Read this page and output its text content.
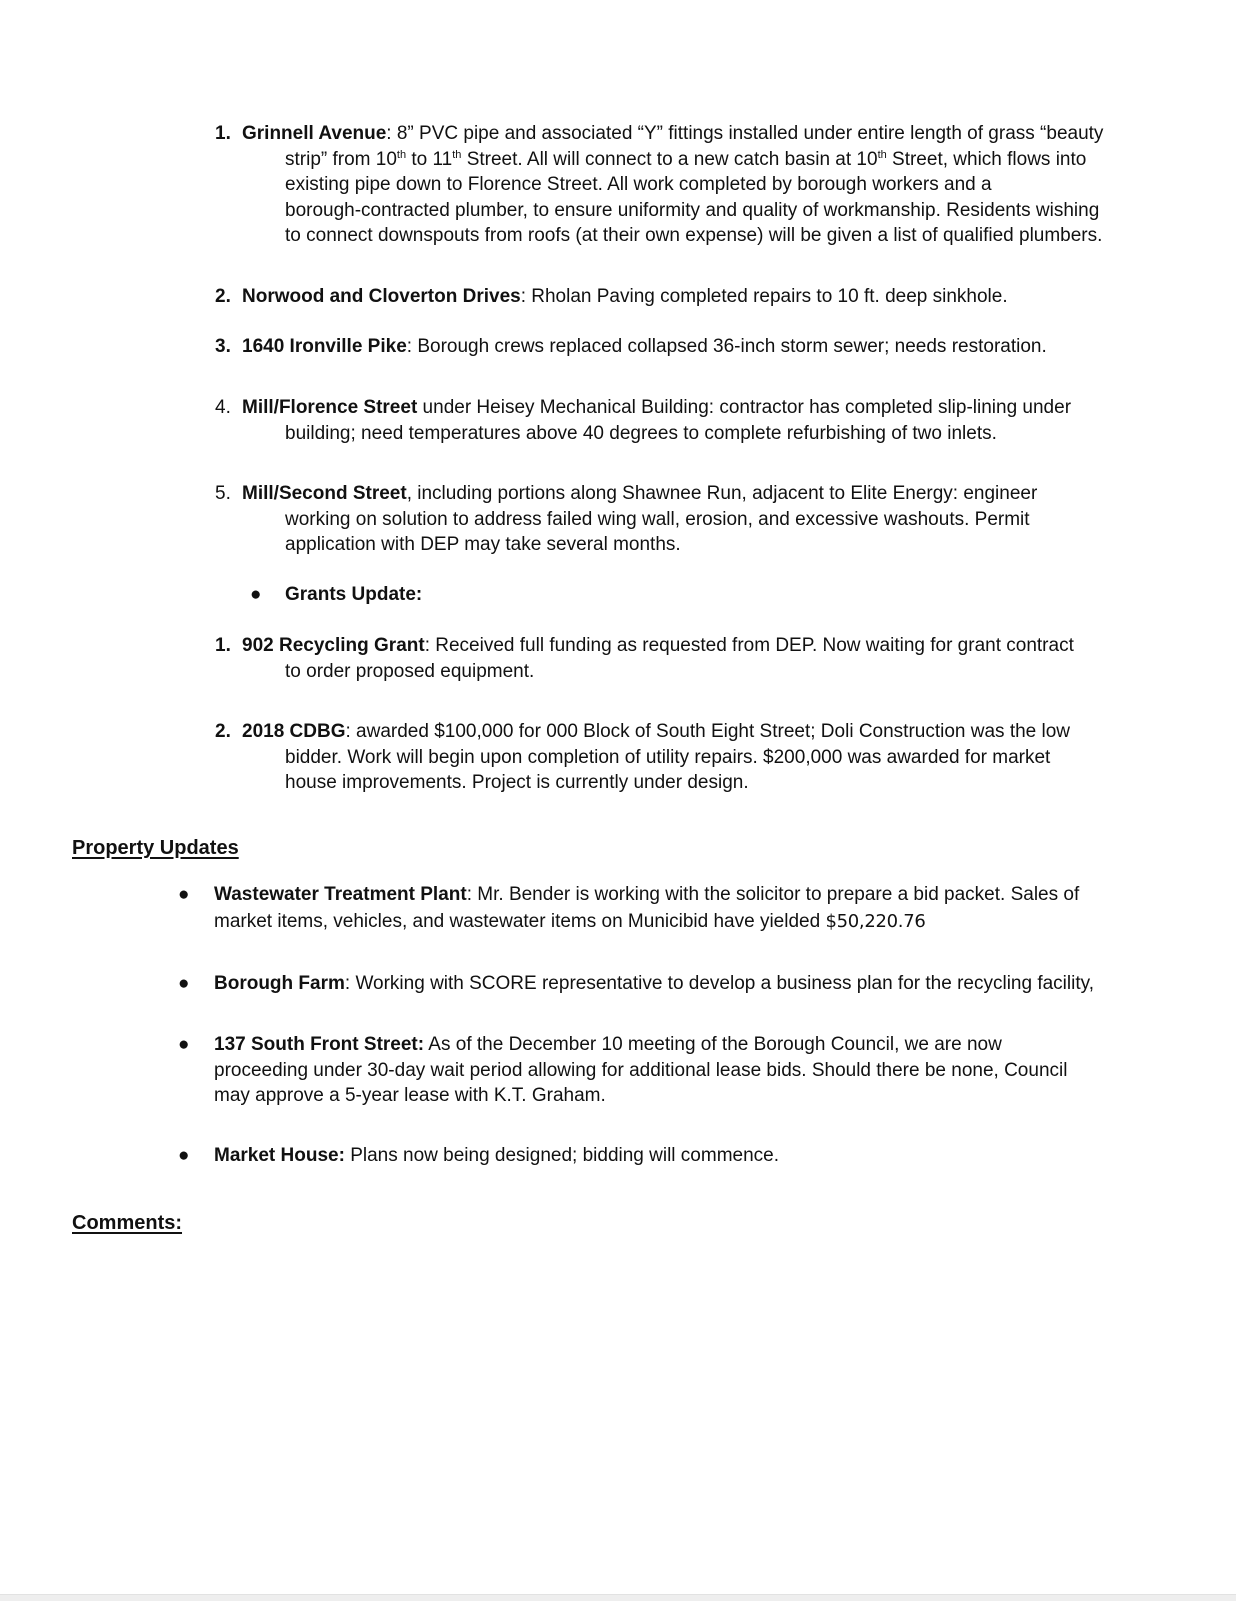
1. Grinnell Avenue: 8” PVC pipe and associated “Y” fittings installed under entire length of grass “beauty
strip” from 10th to 11th Street. All will connect to a new catch basin at 10th Street, which flows into
existing pipe down to Florence Street. All work completed by borough workers and a
borough-contracted plumber, to ensure uniformity and quality of workmanship. Residents wishing
to connect downspouts from roofs (at their own expense) will be given a list of qualified plumbers.
2. Norwood and Cloverton Drives: Rholan Paving completed repairs to 10 ft. deep sinkhole.
3. 1640 Ironville Pike: Borough crews replaced collapsed 36-inch storm sewer; needs restoration.
4. Mill/Florence Street under Heisey Mechanical Building: contractor has completed slip-lining under
building; need temperatures above 40 degrees to complete refurbishing of two inlets.
5. Mill/Second Street, including portions along Shawnee Run, adjacent to Elite Energy: engineer
working on solution to address failed wing wall, erosion, and excessive washouts. Permit
application with DEP may take several months.
● Grants Update:
1. 902 Recycling Grant: Received full funding as requested from DEP. Now waiting for grant contract
to order proposed equipment.
2. 2018 CDBG: awarded $100,000 for 000 Block of South Eight Street; Doli Construction was the low
bidder. Work will begin upon completion of utility repairs. $200,000 was awarded for market
house improvements. Project is currently under design.
Property Updates
● Wastewater Treatment Plant: Mr. Bender is working with the solicitor to prepare a bid packet. Sales of
market items, vehicles, and wastewater items on Municibid have yielded $50,220.76
● Borough Farm: Working with SCORE representative to develop a business plan for the recycling facility,
● 137 South Front Street: As of the December 10 meeting of the Borough Council, we are now
proceeding under 30-day wait period allowing for additional lease bids. Should there be none, Council
may approve a 5-year lease with K.T. Graham.
● Market House: Plans now being designed; bidding will commence.
Comments:
